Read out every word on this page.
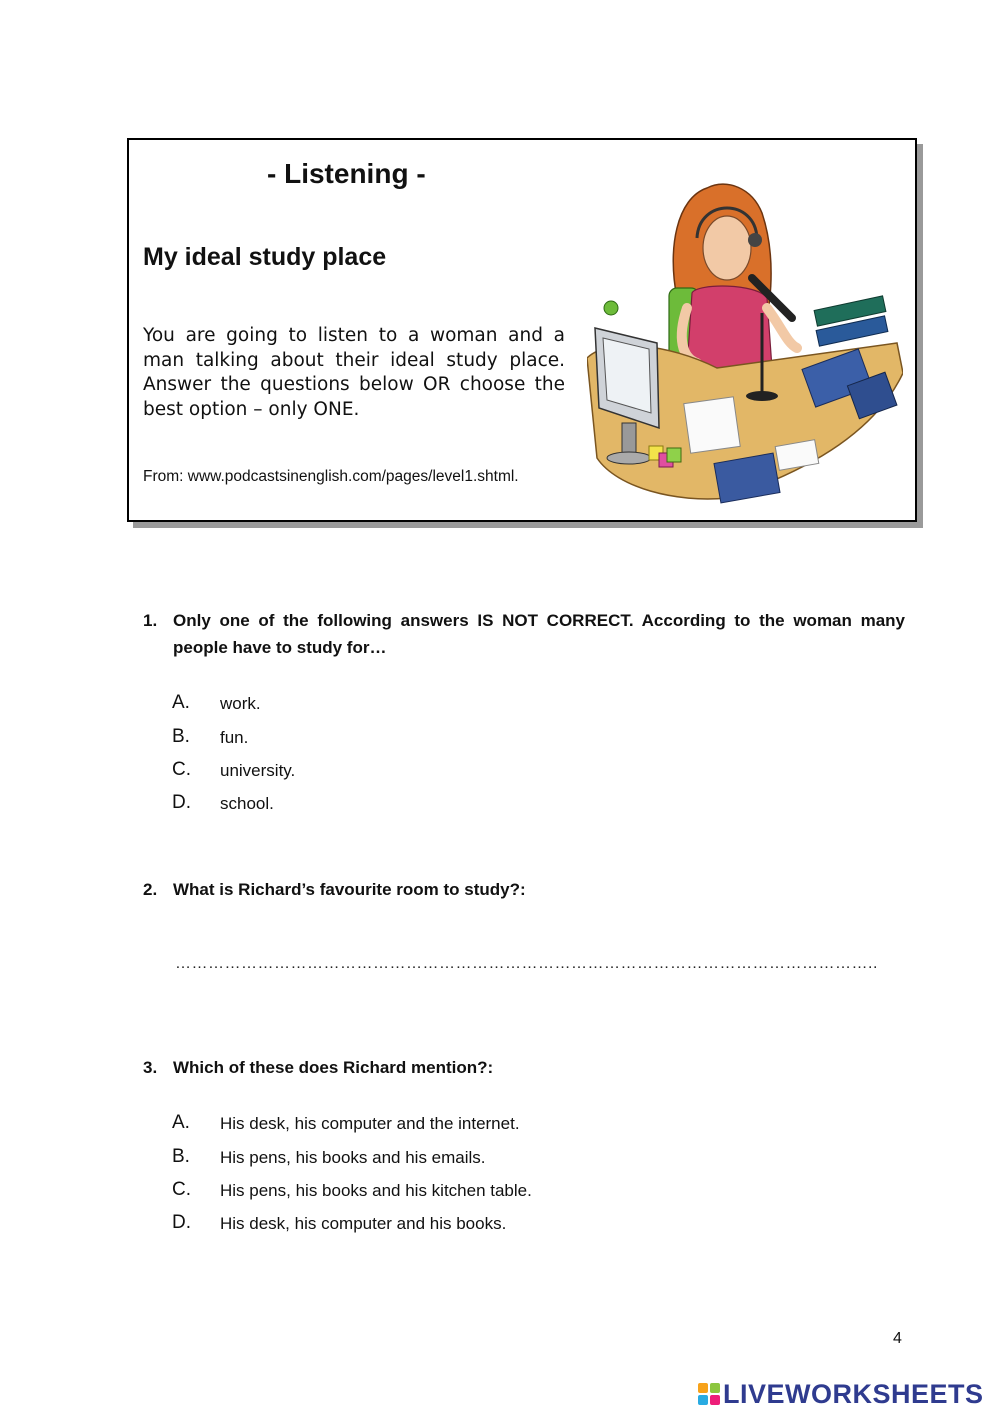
- Listening -
My ideal study place

You are going to listen to a woman and a man talking about their ideal study place. Answer the questions below OR choose the best option – only ONE.

From: www.podcastsinenglish.com/pages/level1.shtml.

1. Only one of the following answers IS NOT CORRECT. According to the woman many people have to study for…
A. work.
B. fun.
C. university.
D. school.
2. What is Richard’s favourite room to study?:
………………………………………………………………………………………………………………..
3. Which of these does Richard mention?:
A. His desk, his computer and the internet.
B. His pens, his books and his emails.
C. His pens, his books and his kitchen table.
D. His desk, his computer and his books.
4
LIVEWORKSHEETS
